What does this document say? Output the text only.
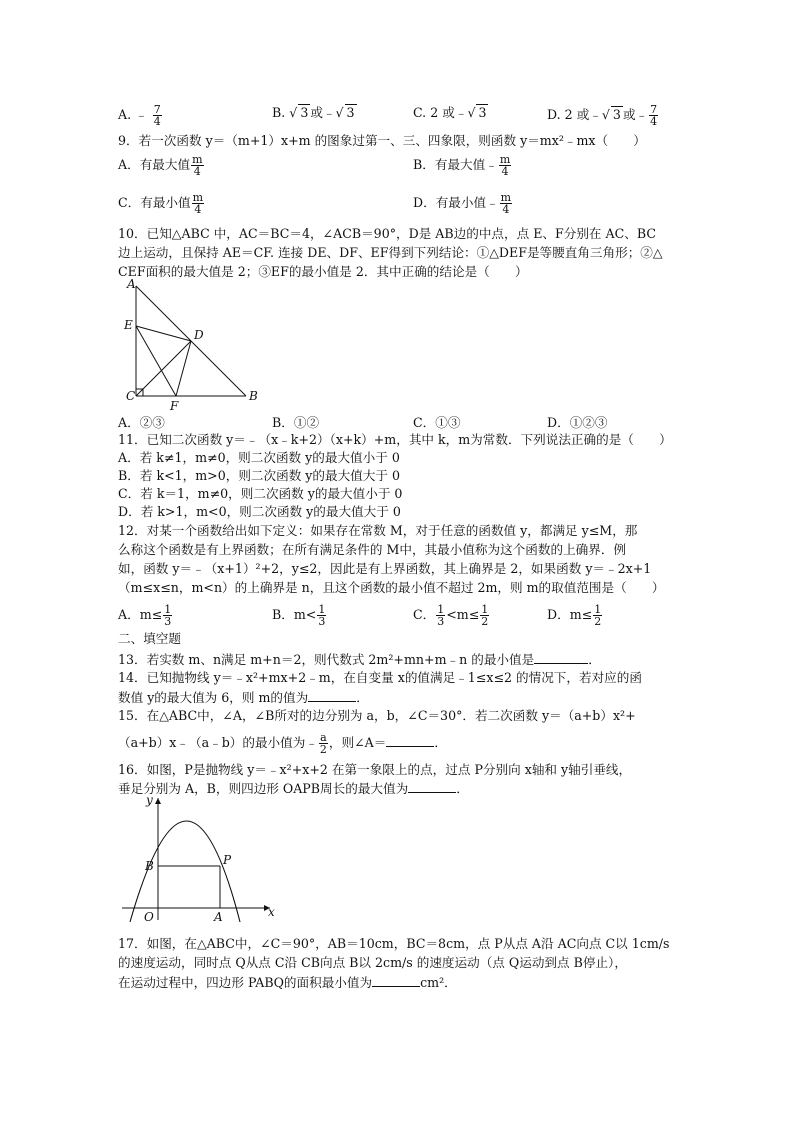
A. ﹣ $\frac{7}{4}$	B. √ 3 或﹣√ 3	C. 2 或﹣√ 3	D. 2 或﹣√ 3 或﹣ $\frac{7}{4}$
9．若一次函数 y＝（m+1）x+m 的图象过第一、三、四象限，则函数 y＝mx²﹣mx（　　）
A．有最大值 $\frac{m}{4}$	B．有最大值﹣ $\frac{m}{4}$
C．有最小值 $\frac{m}{4}$	D．有最小值﹣ $\frac{m}{4}$
10．已知△ABC 中，AC＝BC＝4，∠ACB＝90°，D是 AB边的中点，点 E、F分别在 AC、BC
边上运动，且保持 AE＝CF. 连接 DE、DF、EF得到下列结论：①△DEF是等腰直角三角形；②△
CEF面积的最大值是 2；③EF的最小值是 2．其中正确的结论是（　　）
A
C	B
D
E
F
A．②③	B．①②	C．①③	D．①②③
11．已知二次函数 y＝﹣（x﹣k+2）（x+k）+m，其中 k，m为常数．下列说法正确的是（　　）
A．若 k≠1，m≠0，则二次函数 y的最大值小于 0
B．若 k<1，m>0，则二次函数 y的最大值大于 0
C．若 k＝1，m≠0，则二次函数 y的最大值小于 0
D．若 k>1，m<0，则二次函数 y的最大值大于 0
12．对某一个函数给出如下定义：如果存在常数 M，对于任意的函数值 y，都满足 y≤M，那
么称这个函数是有上界函数；在所有满足条件的 M中，其最小值称为这个函数的上确界．例
如，函数 y＝﹣（x+1）²+2，y≤2，因此是有上界函数，其上确界是 2，如果函数 y＝﹣2x+1
（m≤x≤n，m<n）的上确界是 n，且这个函数的最小值不超过 2m，则 m的取值范围是（　　）
A．$m\le \frac{1}{3}$	B．$m< \frac{1}{3}$	C． $\frac{1}{3} <m\le \frac{1}{2}$	D．$m\le \frac{1}{2}$
二、填空题
13．若实数 m、n满足 m+n＝2，则代数式 2m²+mn+m﹣n 的最小值是	．
14．已知抛物线 y＝﹣x²+mx+2﹣m，在自变量 x的值满足﹣1≤x≤2 的情况下，若对应的函
数值 y的最大值为 6，则 m的值为	．
15．在△ABC中，∠A，∠B所对的边分别为 a，b，∠C＝30°．若二次函数 y＝（a+b）x²+
（a+b）x﹣（a﹣b）的最小值为﹣ $\frac{a}{2}$ ，则∠A＝	．
16．如图，P是抛物线 y＝﹣x²+x+2 在第一象限上的点，过点 P分别向 x轴和 y轴引垂线，
垂足分别为 A，B，则四边形 OAPB周长的最大值为	．
y
x
O	A
B	P
17．如图，在△ABC中，∠C＝90°，AB＝10cm，BC＝8cm，点 P从点 A沿 AC向点 C以 1cm/s
的速度运动，同时点 Q从点 C沿 CB向点 B以 2cm/s 的速度运动（点 Q运动到点 B停止），
在运动过程中，四边形 PABQ的面积最小值为	cm²．
